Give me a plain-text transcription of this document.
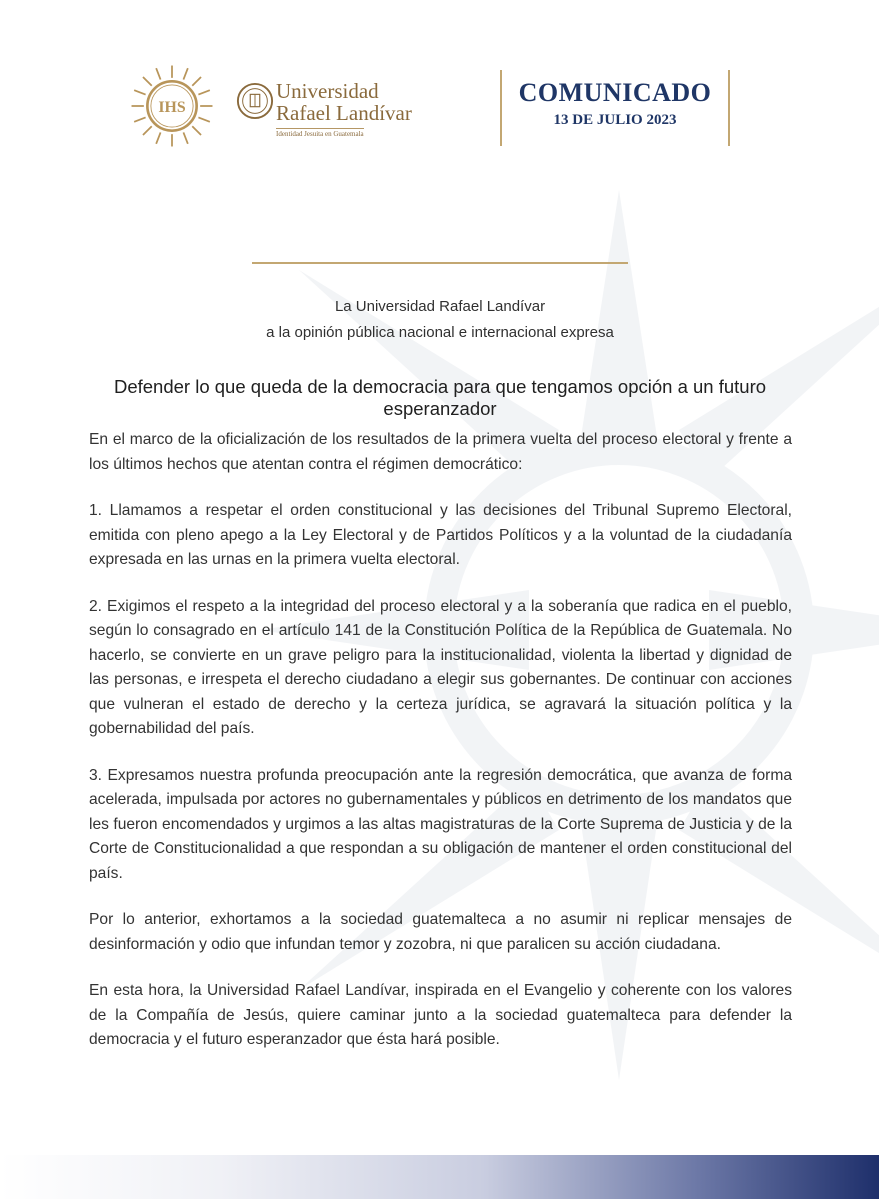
IHS
Universidad
Rafael Landívar
Identidad Jesuita en Guatemala
COMUNICADO
13 DE JULIO 2023
La Universidad Rafael Landívar
a la opinión pública nacional e internacional expresa
Defender lo que queda de la democracia para que tengamos opción a un futuro esperanzador

En el marco de la oficialización de los resultados de la primera vuelta del proceso electoral y frente a los últimos hechos que atentan contra el régimen democrático:

1. Llamamos a respetar el orden constitucional y las decisiones del Tribunal Supremo Electoral, emitida con pleno apego a la Ley Electoral y de Partidos Políticos y a la voluntad de la ciudadanía expresada en las urnas en la primera vuelta electoral.

2. Exigimos el respeto a la integridad del proceso electoral y a la soberanía que radica en el pueblo, según lo consagrado en el artículo 141 de la Constitución Política de la República de Guatemala. No hacerlo, se convierte en un grave peligro para la institucionalidad, violenta la libertad y dignidad de las personas, e irrespeta el derecho ciudadano a elegir sus gobernantes. De continuar con acciones que vulneran el estado de derecho y la certeza jurídica, se agravará la situación política y la gobernabilidad del país.

3. Expresamos nuestra profunda preocupación ante la regresión democrática, que avanza de forma acelerada, impulsada por actores no gubernamentales y públicos en detrimento de los mandatos que les fueron encomendados y urgimos a las altas magistraturas de la Corte Suprema de Justicia y de la Corte de Constitucionalidad a que respondan a su obligación de mantener el orden constitucional del país.

Por lo anterior, exhortamos a la sociedad guatemalteca a no asumir ni replicar mensajes de desinformación y odio que infundan temor y zozobra, ni que paralicen su acción ciudadana.

En esta hora, la Universidad Rafael Landívar, inspirada en el Evangelio y coherente con los valores de la Compañía de Jesús, quiere caminar junto a la sociedad guatemalteca para defender la democracia y el futuro esperanzador que ésta hará posible.
